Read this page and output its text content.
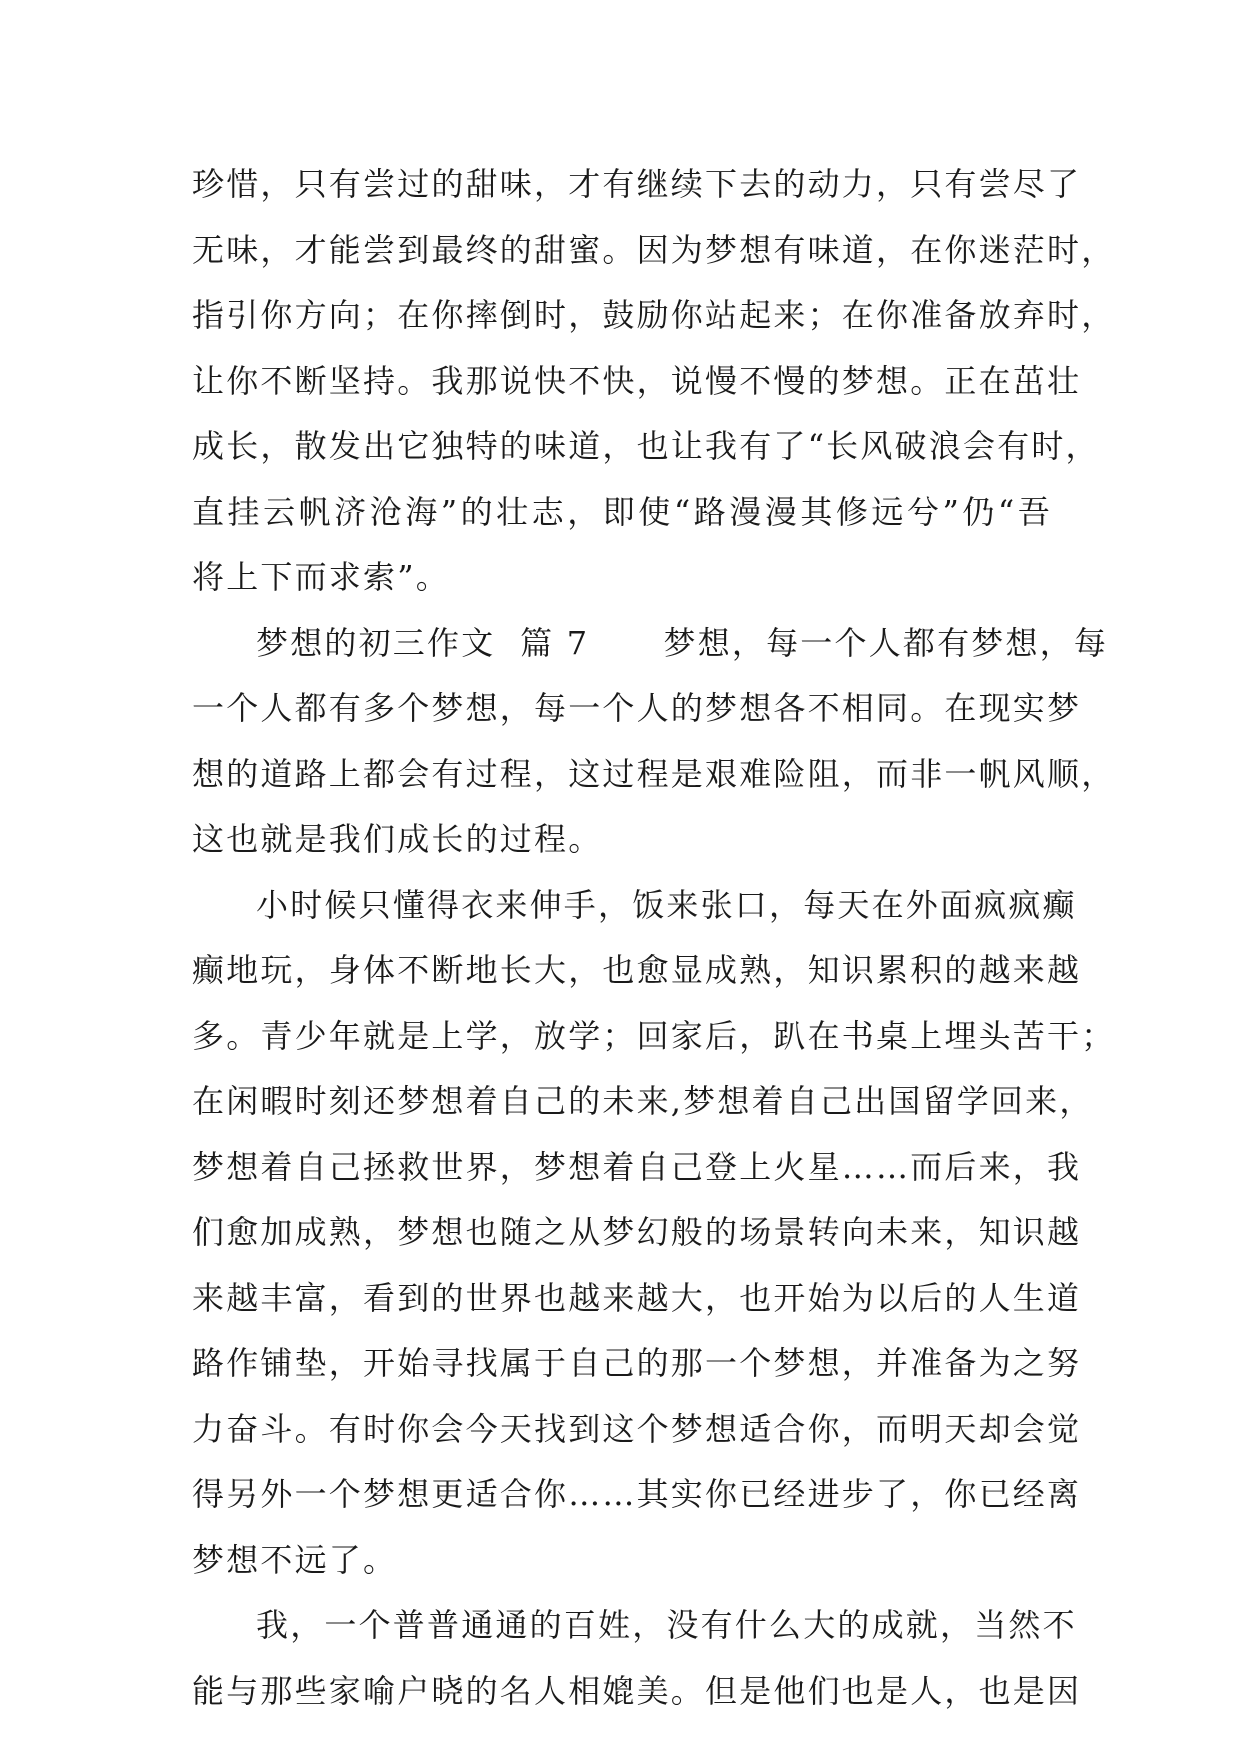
珍惜，只有尝过的甜味，才有继续下去的动力，只有尝尽了
无味，才能尝到最终的甜蜜。因为梦想有味道，在你迷茫时，
指引你方向；在你摔倒时，鼓励你站起来；在你准备放弃时，
让你不断坚持。我那说快不快，说慢不慢的梦想。正在茁壮
成长，散发出它独特的味道，也让我有了“长风破浪会有时，
直挂云帆济沧海”的壮志，即使“路漫漫其修远兮”仍“吾
将上下而求索”。
梦想的初三作文  篇 7      梦想，每一个人都有梦想，每
一个人都有多个梦想，每一个人的梦想各不相同。在现实梦
想的道路上都会有过程，这过程是艰难险阻，而非一帆风顺，
这也就是我们成长的过程。
小时候只懂得衣来伸手，饭来张口，每天在外面疯疯癫
癫地玩，身体不断地长大，也愈显成熟，知识累积的越来越
多。青少年就是上学，放学；回家后，趴在书桌上埋头苦干；
在闲暇时刻还梦想着自己的未来,梦想着自己出国留学回来，
梦想着自己拯救世界，梦想着自己登上火星……而后来，我
们愈加成熟，梦想也随之从梦幻般的场景转向未来，知识越
来越丰富，看到的世界也越来越大，也开始为以后的人生道
路作铺垫，开始寻找属于自己的那一个梦想，并准备为之努
力奋斗。有时你会今天找到这个梦想适合你，而明天却会觉
得另外一个梦想更适合你……其实你已经进步了，你已经离
梦想不远了。
我，一个普普通通的百姓，没有什么大的成就，当然不
能与那些家喻户晓的名人相媲美。但是他们也是人，也是因
